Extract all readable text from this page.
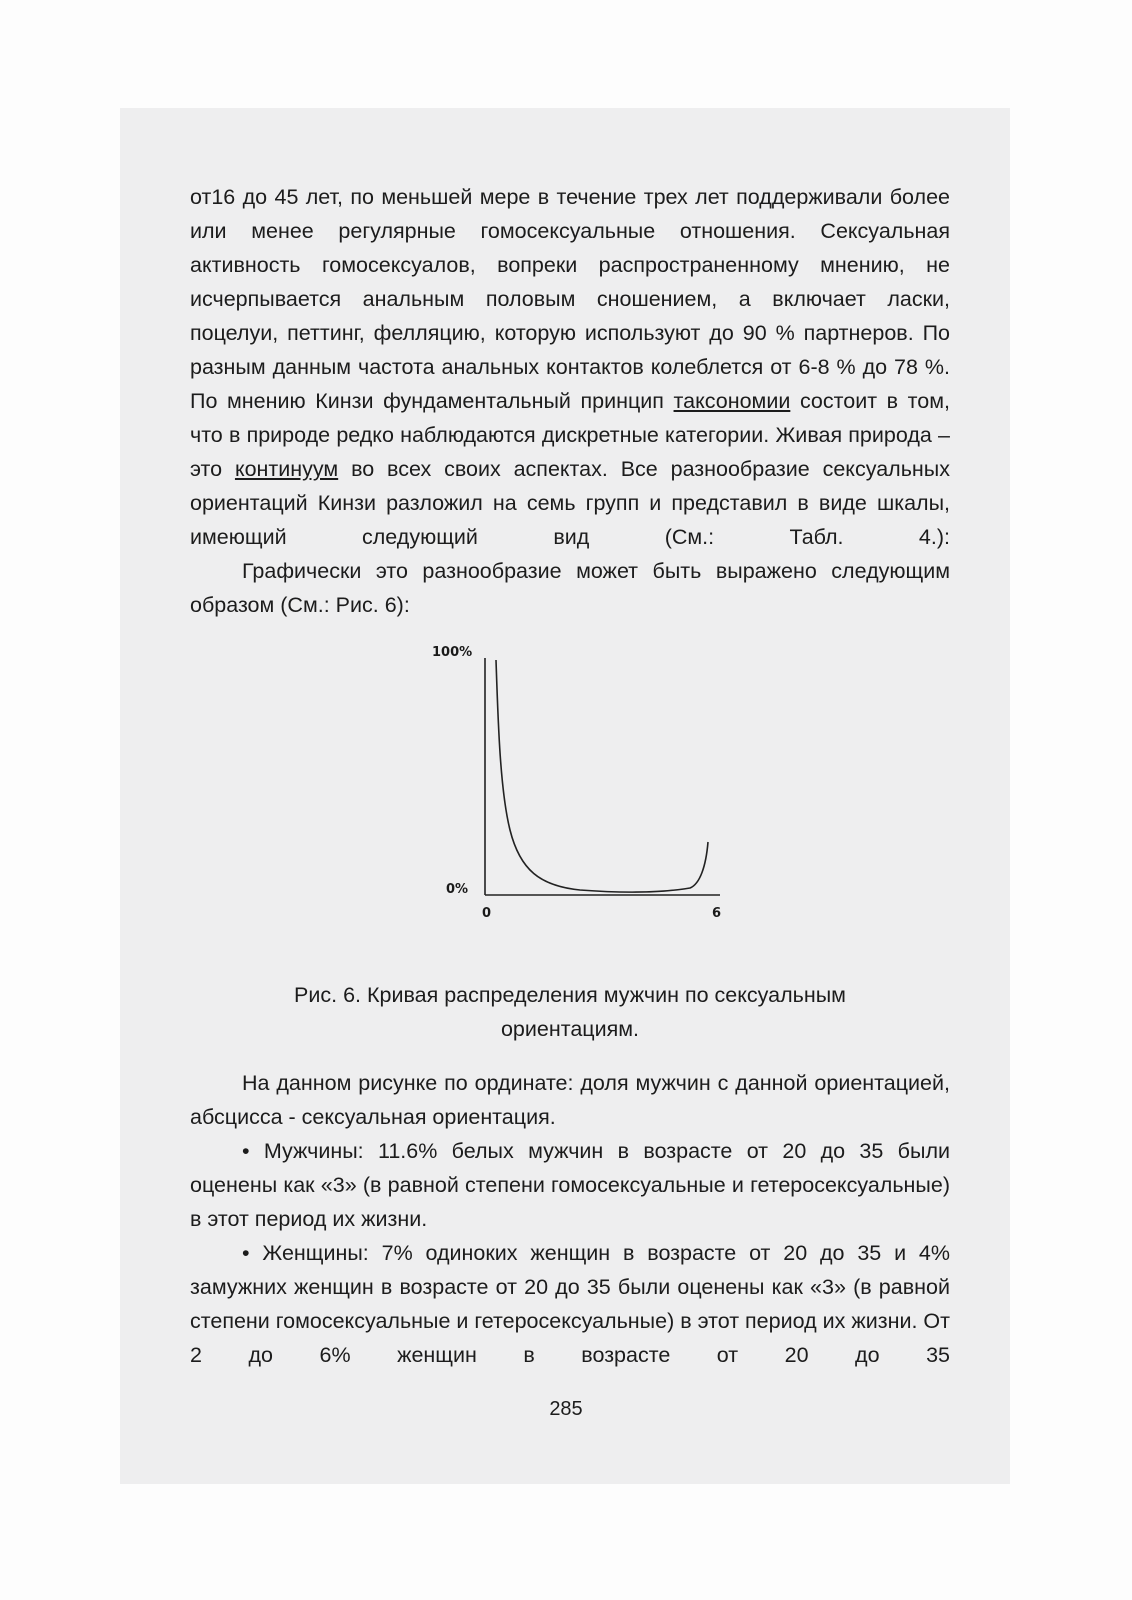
от16 до 45 лет, по меньшей мере в течение трех лет поддерживали более или менее регулярные гомосексуальные отношения. Сексуальная активность гомосексуалов, вопреки распространенному мнению, не исчерпывается анальным половым сношением, а включает ласки, поцелуи, петтинг, фелляцию, которую используют до 90 % партнеров. По разным данным частота анальных контактов колеблется от 6-8 % до 78 %. По мнению Кинзи фундаментальный принцип таксономии состоит в том, что в природе редко наблюдаются дискретные категории. Живая природа – это континуум во всех своих аспектах. Все разнообразие сексуальных ориентаций Кинзи разложил на семь групп и представил в виде шкалы, имеющий следующий вид (См.: Табл. 4.):

Графически это разнообразие может быть выражено следующим образом (См.: Рис. 6):

100%
0%
0	6
Рис. 6. Кривая распределения мужчин по сексуальным
ориентациям.

На данном рисунке по ординате: доля мужчин с данной ориентацией, абсцисса - сексуальная ориентация.

• Мужчины: 11.6% белых мужчин в возрасте от 20 до 35 были оценены как «3» (в равной степени гомосексуальные и гетеросексуальные) в этот период их жизни.

• Женщины: 7% одиноких женщин в возрасте от 20 до 35 и 4% замужних женщин в возрасте от 20 до 35 были оценены как «3» (в равной степени гомосексуальные и гетеросексуальные) в этот период их жизни. От 2 до 6% женщин в возрасте от 20 до 35

285
